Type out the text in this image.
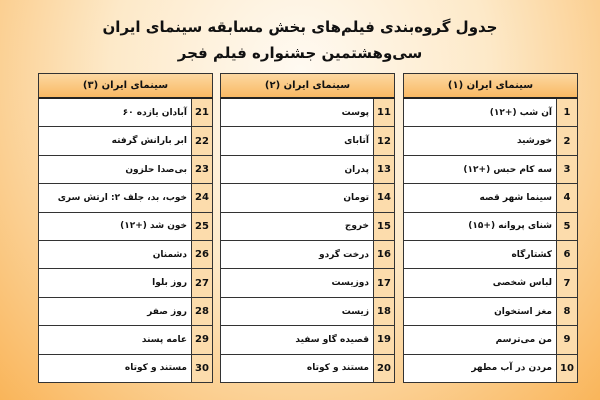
جدول گروه‌بندی فیلم‌های بخش مسابقه سینمای ایران
سی‌وهشتمین جشنواره فیلم فجر
سینمای ایران (۱)
1
آن شب (+۱۲)
2
خورشید
3
سه کام حبس (+۱۲)
4
سینما شهر قصه
5
شنای پروانه (+۱۵)
6
کشتارگاه
7
لباس شخصی
8
مغز استخوان
9
من می‌ترسم
10
مردن در آب مطهر
سینمای ایران (۲)
11
پوست
12
آتابای
13
پدران
14
تومان
15
خروج
16
درخت گردو
17
دوزیست
18
زیست
19
قصیده گاو سفید
20
مستند و کوتاه
سینمای ایران (۳)
21
آبادان یازده ۶۰
22
ابر بارانش گرفته
23
بی‌صدا حلزون
24
خوب، بد، جلف ۲: ارتش سری
25
خون شد (+۱۲)
26
دشمنان
27
روز بلوا
28
روز صفر
29
عامه پسند
30
مستند و کوتاه
